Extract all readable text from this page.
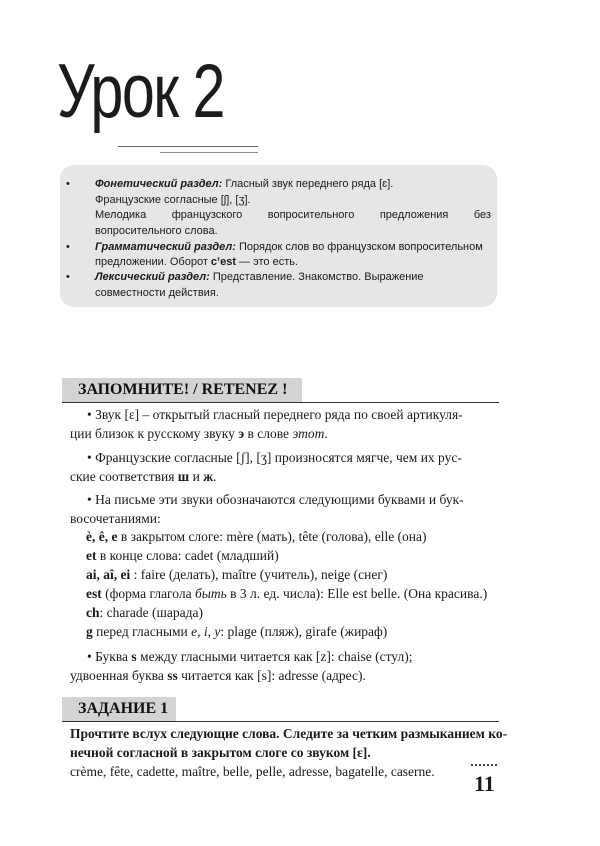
Урок 2
• Фонетический раздел: Гласный звук переднего ряда [ɛ].
Французские согласные [ʃ], [ʒ].
Мелодика французского вопросительного предложения без
вопросительного слова.
• Грамматический раздел: Порядок слов во французском вопросительном
предложении. Оборот c’est — это есть.
• Лексический раздел: Представление. Знакомство. Выражение
совместности действия.
ЗАПОМНИТЕ! / RETENEZ !
• Звук [ɛ] – открытый гласный переднего ряда по своей артикуля-
ции близок к русскому звуку э в слове этот.
• Французские согласные [ʃ], [ʒ] произносятся мягче, чем их рус-
ские соответствия ш и ж.
• На письме эти звуки обозначаются следующими буквами и бук-
восочетаниями:
è, ê, e в закрытом слоге: mère (мать), tête (голова), elle (она)
et в конце слова: cadet (младший)
ai, aî, ei : faire (делать), maître (учитель), neige (снег)
est (форма глагола быть в 3 л. ед. числа): Elle est belle. (Она красива.)
ch: charade (шарада)
g перед гласными e, i, y: plage (пляж), girafe (жираф)
• Буква s между гласными читается как [z]: chaise (стул);
удвоенная буква ss читается как [s]: adresse (адрес).
ЗАДАНИЕ 1
Прочтите вслух следующие слова. Следите за четким размыканием ко-
нечной согласной в закрытом слоге со звуком [ɛ].
crème, fête, cadette, maître, belle, pelle, adresse, bagatelle, caserne. 11
